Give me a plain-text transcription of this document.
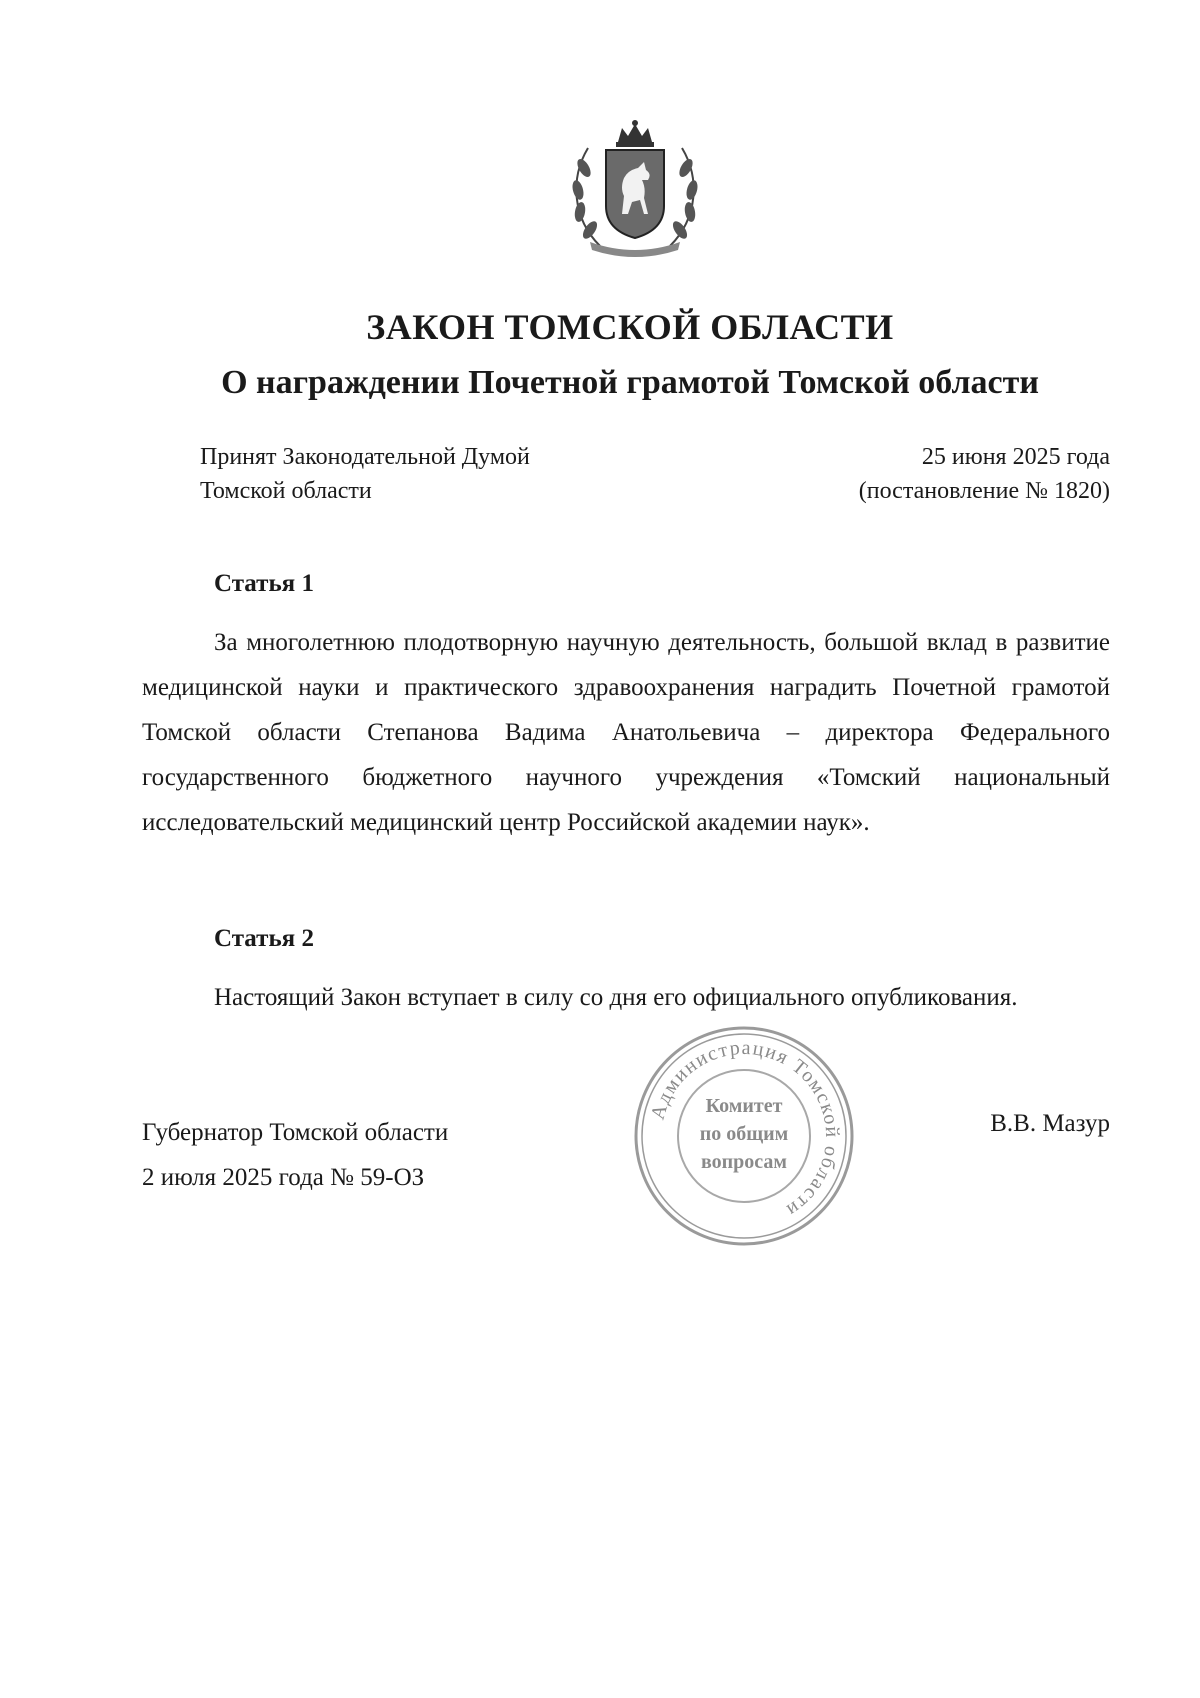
ЗАКОН ТОМСКОЙ ОБЛАСТИ
О награждении Почетной грамотой Томской области
Принят Законодательной Думой
Томской области
25 июня 2025 года
(постановление № 1820)
Статья 1

За многолетнюю плодотворную научную деятельность, большой вклад в развитие медицинской науки и практического здравоохранения наградить Почетной грамотой Томской области Степанова Вадима Анатольевича – директора Федерального государственного бюджетного научного учреждения «Томский национальный исследовательский медицинский центр Российской академии наук».

Статья 2

Настоящий Закон вступает в силу со дня его официального опубликования.

Губернатор Томской области
2 июля 2025 года № 59-ОЗ
В.В. Мазур
Администрация Томской области
Комитет
по общим
вопросам
